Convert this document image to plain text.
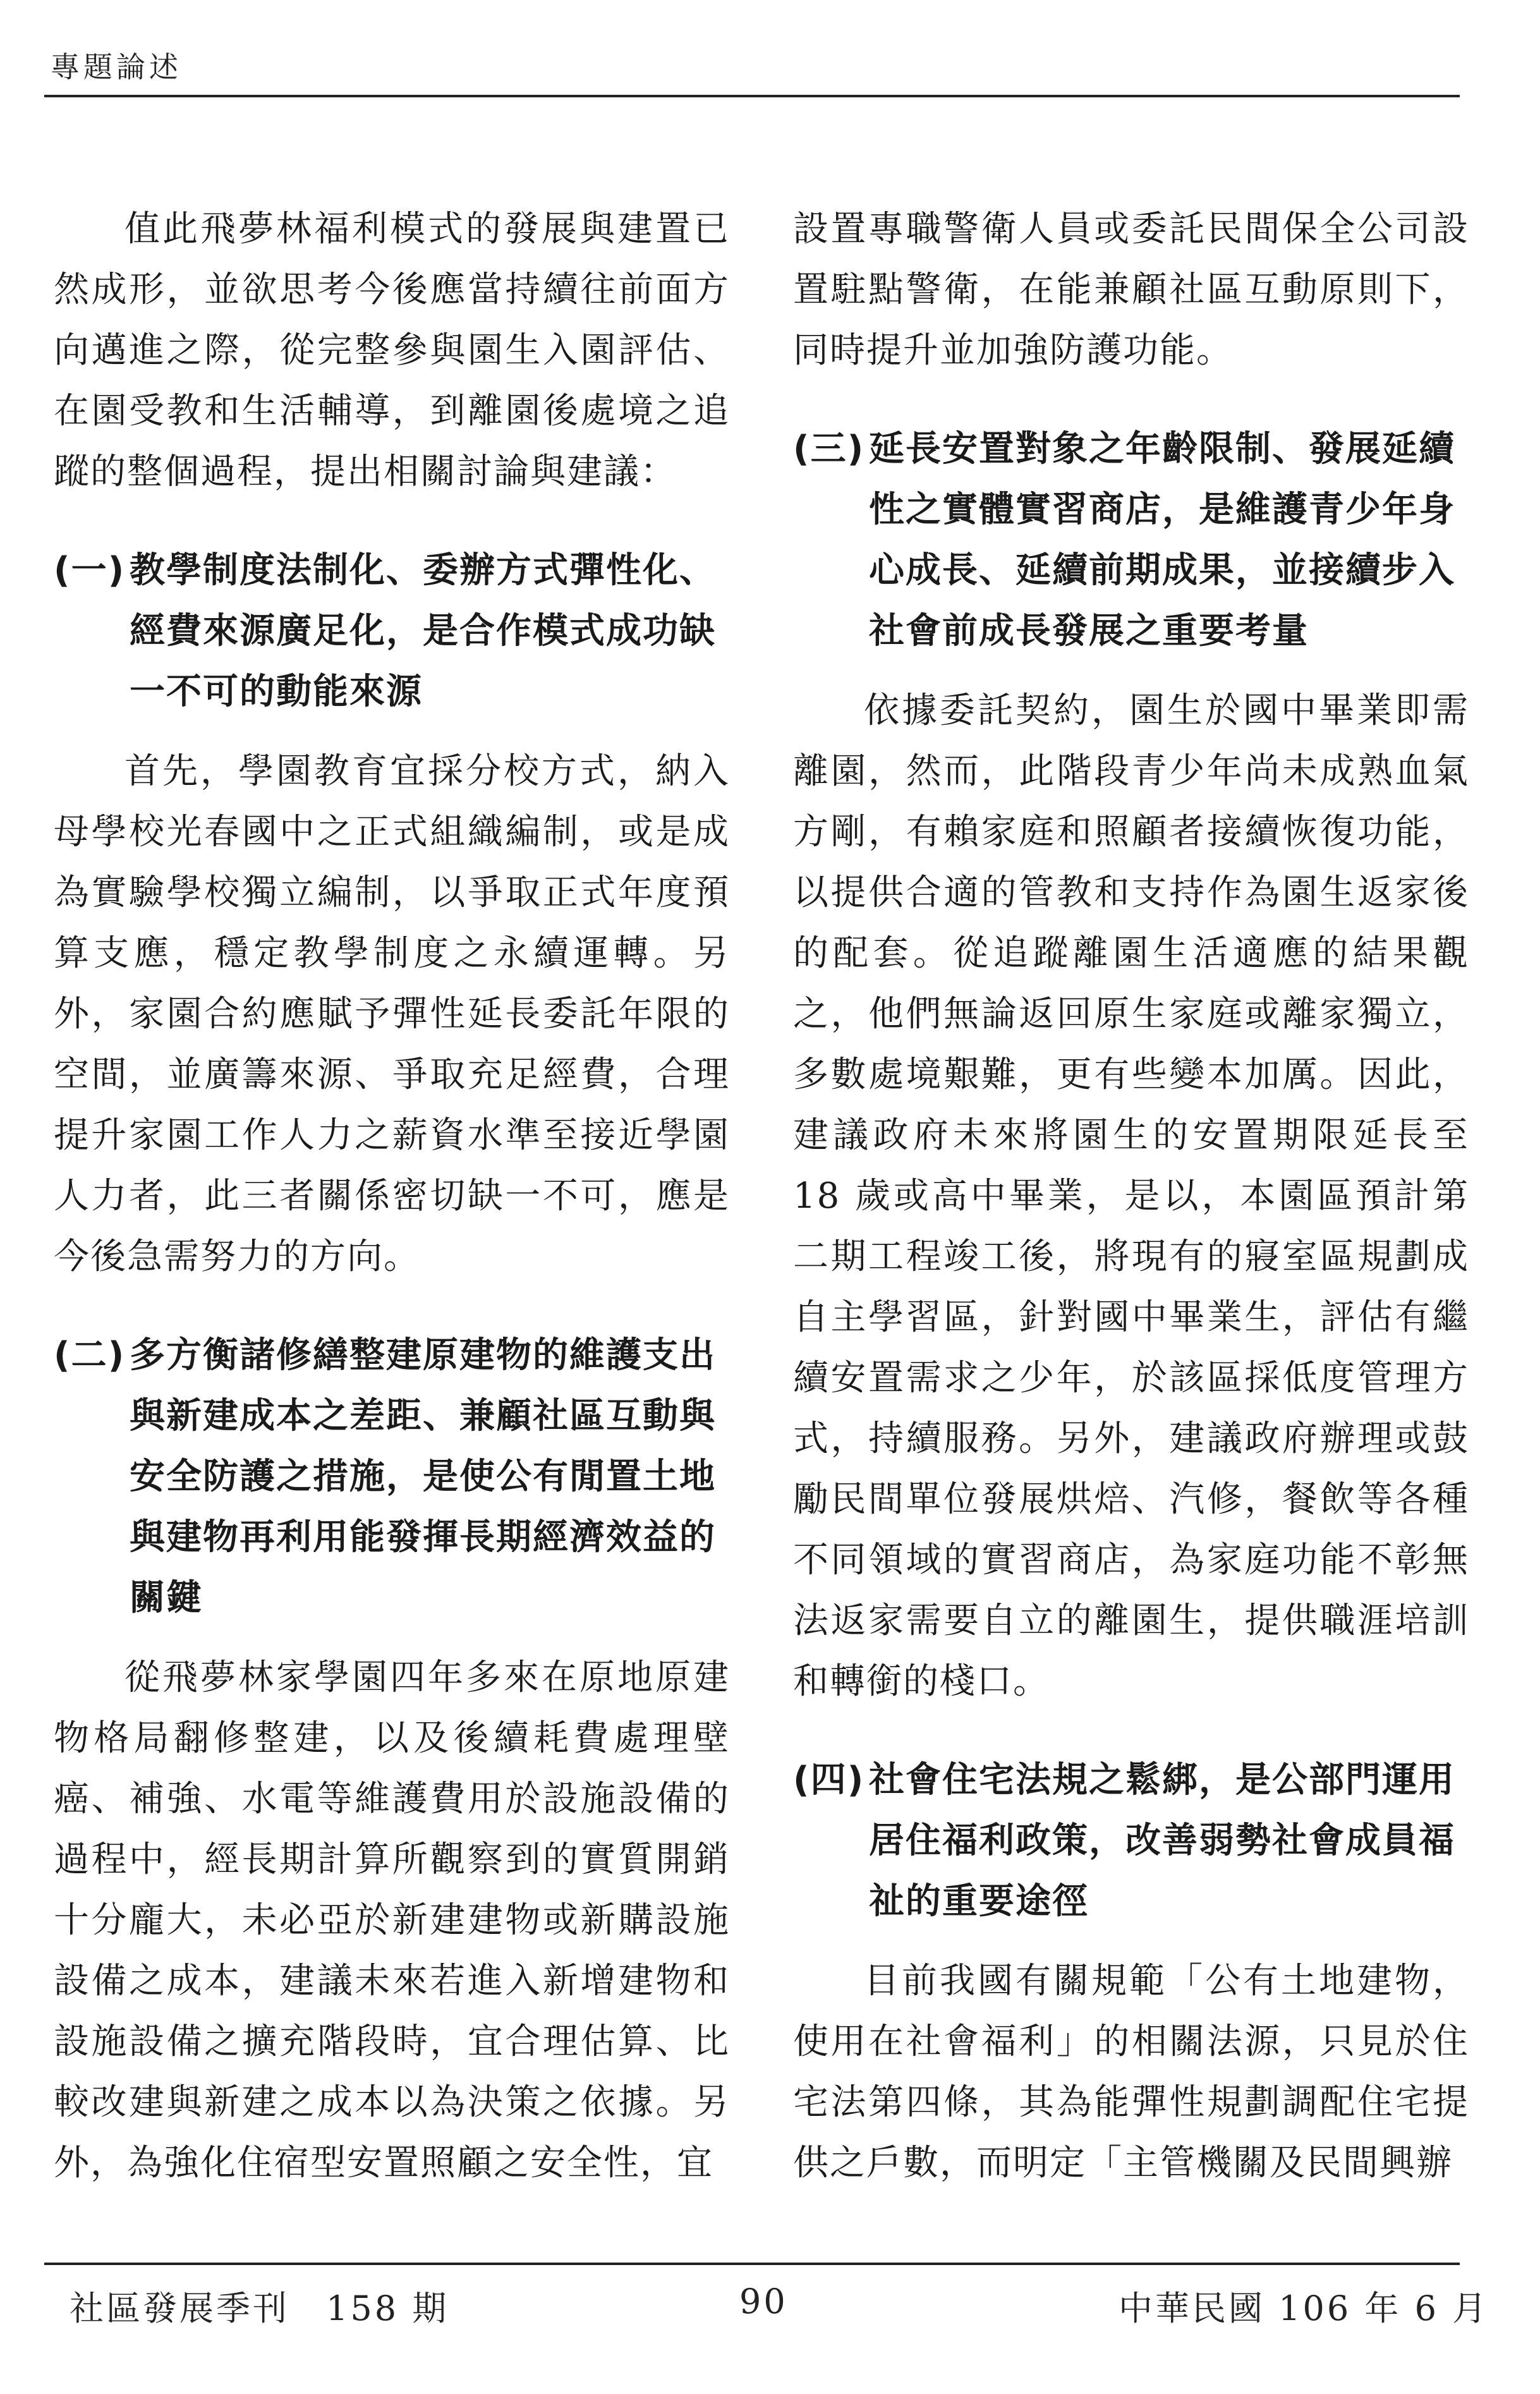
專題論述

值此飛夢林福利模式的發展與建置已然成形，並欲思考今後應當持續往前面方向邁進之際，從完整參與園生入園評估、在園受教和生活輔導，到離園後處境之追蹤的整個過程，提出相關討論與建議：

(一) 教學制度法制化、委辦方式彈性化、經費來源廣足化，是合作模式成功缺一不可的動能來源

首先，學園教育宜採分校方式，納入母學校光春國中之正式組織編制，或是成為實驗學校獨立編制，以爭取正式年度預算支應，穩定教學制度之永續運轉。另外，家園合約應賦予彈性延長委託年限的空間，並廣籌來源、爭取充足經費，合理提升家園工作人力之薪資水準至接近學園人力者，此三者關係密切缺一不可，應是今後急需努力的方向。

(二) 多方衡諸修繕整建原建物的維護支出與新建成本之差距、兼顧社區互動與安全防護之措施，是使公有閒置土地與建物再利用能發揮長期經濟效益的關鍵

從飛夢林家學園四年多來在原地原建物格局翻修整建，以及後續耗費處理壁癌、補強、水電等維護費用於設施設備的過程中，經長期計算所觀察到的實質開銷十分龐大，未必亞於新建建物或新購設施設備之成本，建議未來若進入新增建物和設施設備之擴充階段時，宜合理估算、比較改建與新建之成本以為決策之依據。另外，為強化住宿型安置照顧之安全性，宜

設置專職警衛人員或委託民間保全公司設置駐點警衛，在能兼顧社區互動原則下，同時提升並加強防護功能。

(三) 延長安置對象之年齡限制、發展延續性之實體實習商店，是維護青少年身心成長、延續前期成果，並接續步入社會前成長發展之重要考量

依據委託契約，園生於國中畢業即需離園，然而，此階段青少年尚未成熟血氣方剛，有賴家庭和照顧者接續恢復功能，以提供合適的管教和支持作為園生返家後的配套。從追蹤離園生活適應的結果觀之，他們無論返回原生家庭或離家獨立，多數處境艱難，更有些變本加厲。因此，建議政府未來將園生的安置期限延長至 18 歲或高中畢業，是以，本園區預計第二期工程竣工後，將現有的寢室區規劃成自主學習區，針對國中畢業生，評估有繼續安置需求之少年，於該區採低度管理方式，持續服務。另外，建議政府辦理或鼓勵民間單位發展烘焙、汽修，餐飲等各種不同領域的實習商店，為家庭功能不彰無法返家需要自立的離園生，提供職涯培訓和轉銜的棧口。

(四) 社會住宅法規之鬆綁，是公部門運用居住福利政策，改善弱勢社會成員福祉的重要途徑

目前我國有關規範「公有土地建物，使用在社會福利」的相關法源，只見於住宅法第四條，其為能彈性規劃調配住宅提供之戶數，而明定「主管機關及民間興辦

社區發展季刊　158 期	90	中華民國 106 年 6 月
